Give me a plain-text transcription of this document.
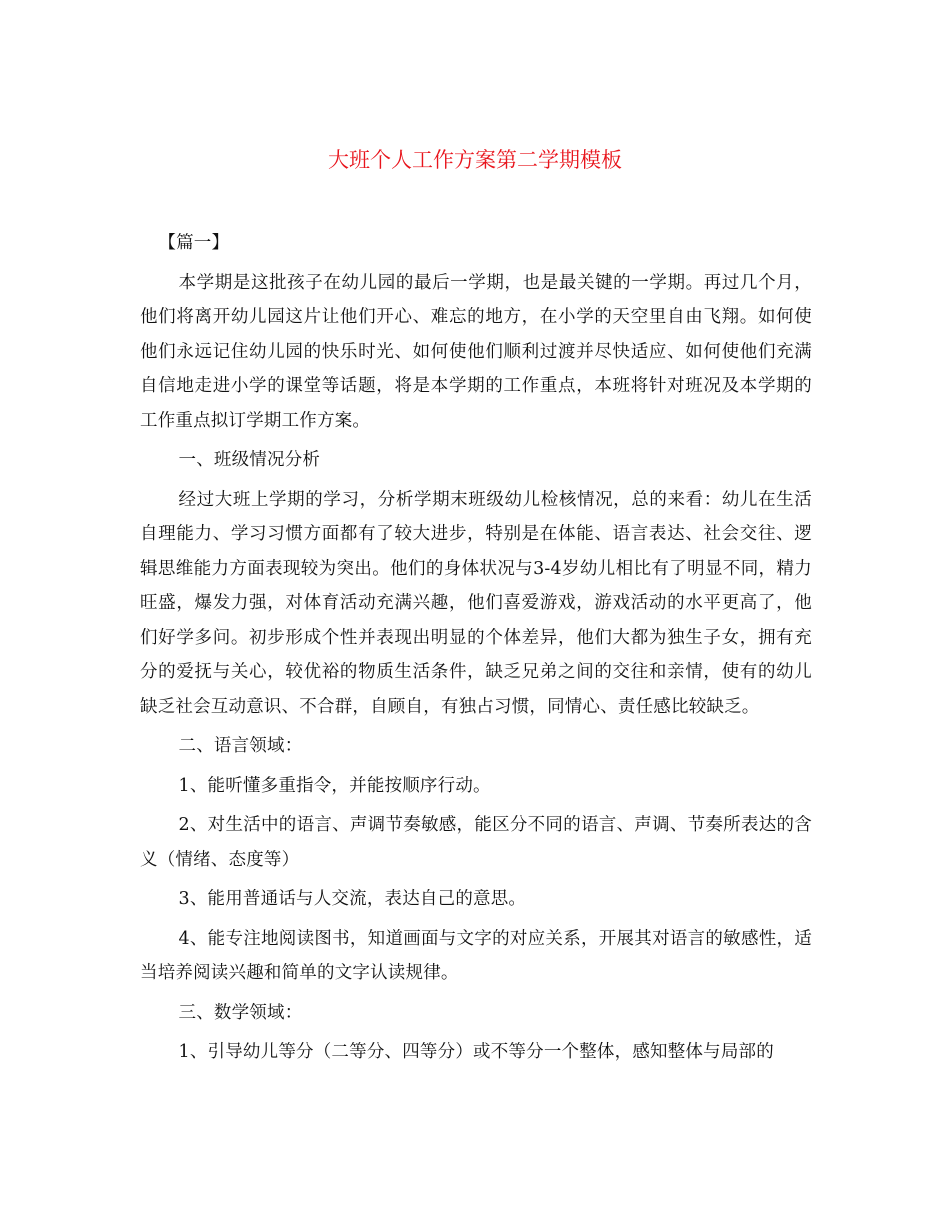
大班个人工作方案第二学期模板

【篇一】

本学期是这批孩子在幼儿园的最后一学期，也是最关键的一学期。再过几个月，他们将离开幼儿园这片让他们开心、难忘的地方，在小学的天空里自由飞翔。如何使他们永远记住幼儿园的快乐时光、如何使他们顺利过渡并尽快适应、如何使他们充满自信地走进小学的课堂等话题，将是本学期的工作重点，本班将针对班况及本学期的工作重点拟订学期工作方案。

一、班级情况分析

经过大班上学期的学习，分析学期末班级幼儿检核情况，总的来看：幼儿在生活自理能力、学习习惯方面都有了较大进步，特别是在体能、语言表达、社会交往、逻辑思维能力方面表现较为突出。他们的身体状况与3-4岁幼儿相比有了明显不同，精力旺盛，爆发力强，对体育活动充满兴趣，他们喜爱游戏，游戏活动的水平更高了，他们好学多问。初步形成个性并表现出明显的个体差异，他们大都为独生子女，拥有充分的爱抚与关心，较优裕的物质生活条件，缺乏兄弟之间的交往和亲情，使有的幼儿缺乏社会互动意识、不合群，自顾自，有独占习惯，同情心、责任感比较缺乏。

二、语言领域：

1、能听懂多重指令，并能按顺序行动。

2、对生活中的语言、声调节奏敏感，能区分不同的语言、声调、节奏所表达的含义（情绪、态度等）

3、能用普通话与人交流，表达自己的意思。

4、能专注地阅读图书，知道画面与文字的对应关系，开展其对语言的敏感性，适当培养阅读兴趣和简单的文字认读规律。

三、数学领域：

1、引导幼儿等分（二等分、四等分）或不等分一个整体，感知整体与局部的
